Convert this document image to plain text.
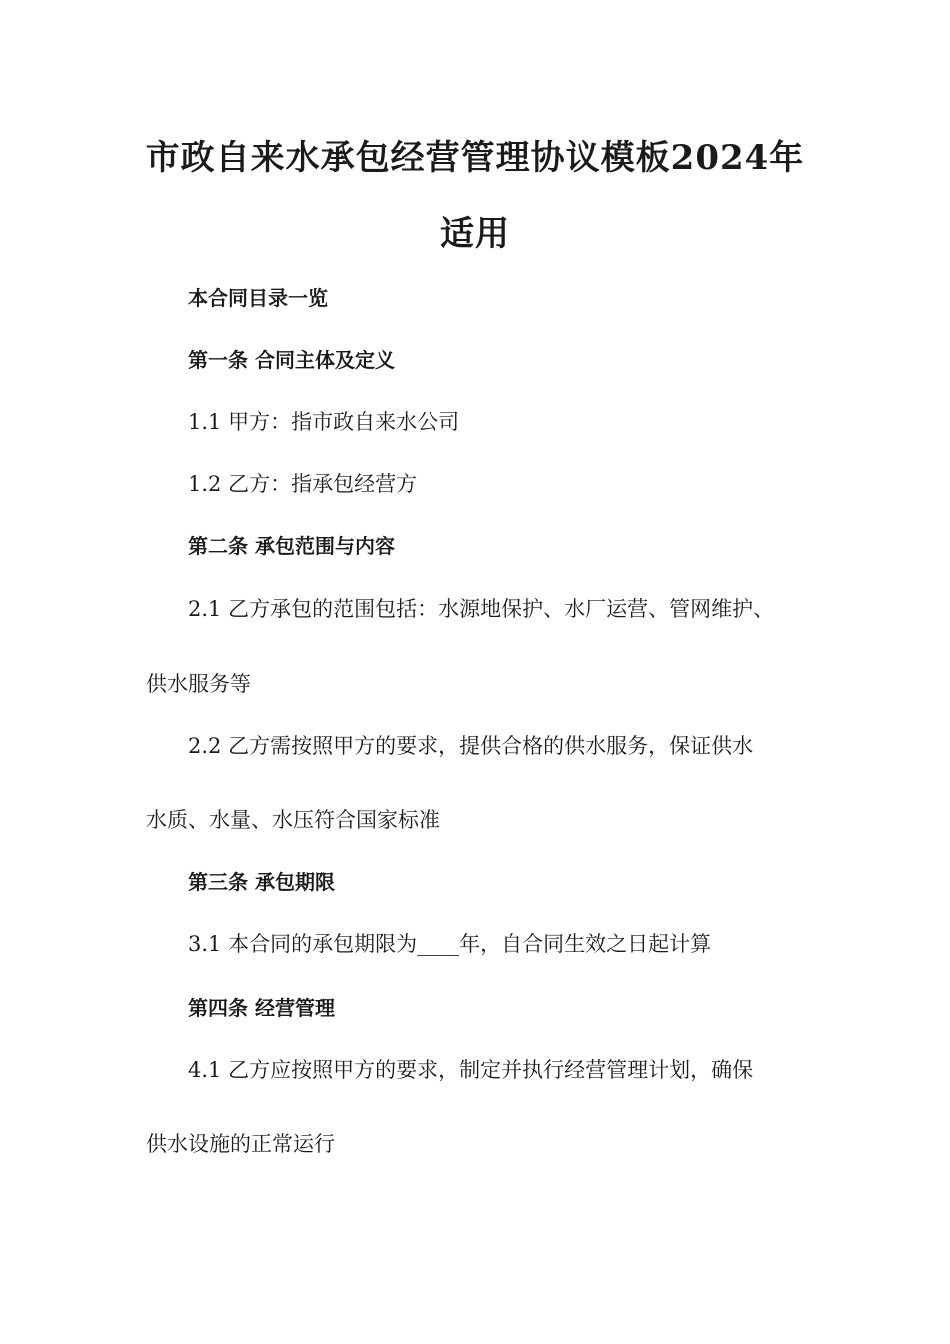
市政自来水承包经营管理协议模板2024年
适用
本合同目录一览
第一条 合同主体及定义
1.1 甲方：指市政自来水公司
1.2 乙方：指承包经营方
第二条 承包范围与内容
2.1 乙方承包的范围包括：水源地保护、水厂运营、管网维护、
供水服务等
2.2 乙方需按照甲方的要求，提供合格的供水服务，保证供水
水质、水量、水压符合国家标准
第三条 承包期限
3.1 本合同的承包期限为____年，自合同生效之日起计算
第四条 经营管理
4.1 乙方应按照甲方的要求，制定并执行经营管理计划，确保
供水设施的正常运行
